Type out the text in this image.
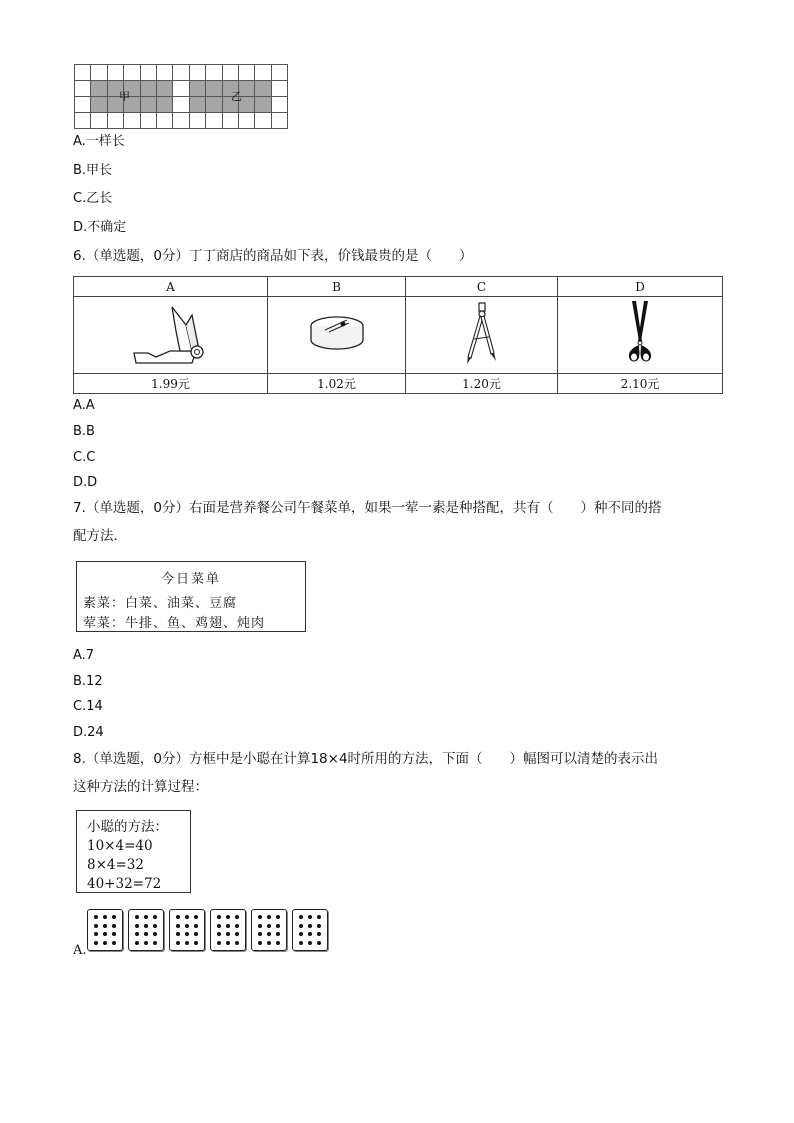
甲	乙
A.一样长
B.甲长
C.乙长
D.不确定
6.（单选题，0分）丁丁商店的商品如下表，价钱最贵的是（　　）
A	B	C	D

1.99元	1.02元	1.20元	2.10元
A.A
B.B
C.C
D.D
7.（单选题，0分）右面是营养餐公司午餐菜单，如果一荤一素是种搭配，共有（　　）种不同的搭
配方法．
今日菜单
素菜：白菜、油菜、豆腐
荤菜：牛排、鱼、鸡翅、炖肉
A.7
B.12
C.14
D.24
8.（单选题，0分）方框中是小聪在计算18×4时所用的方法，下面（　　）幅图可以清楚的表示出
这种方法的计算过程：
小聪的方法：
10×4=40
8×4=32
40+32=72
A.
